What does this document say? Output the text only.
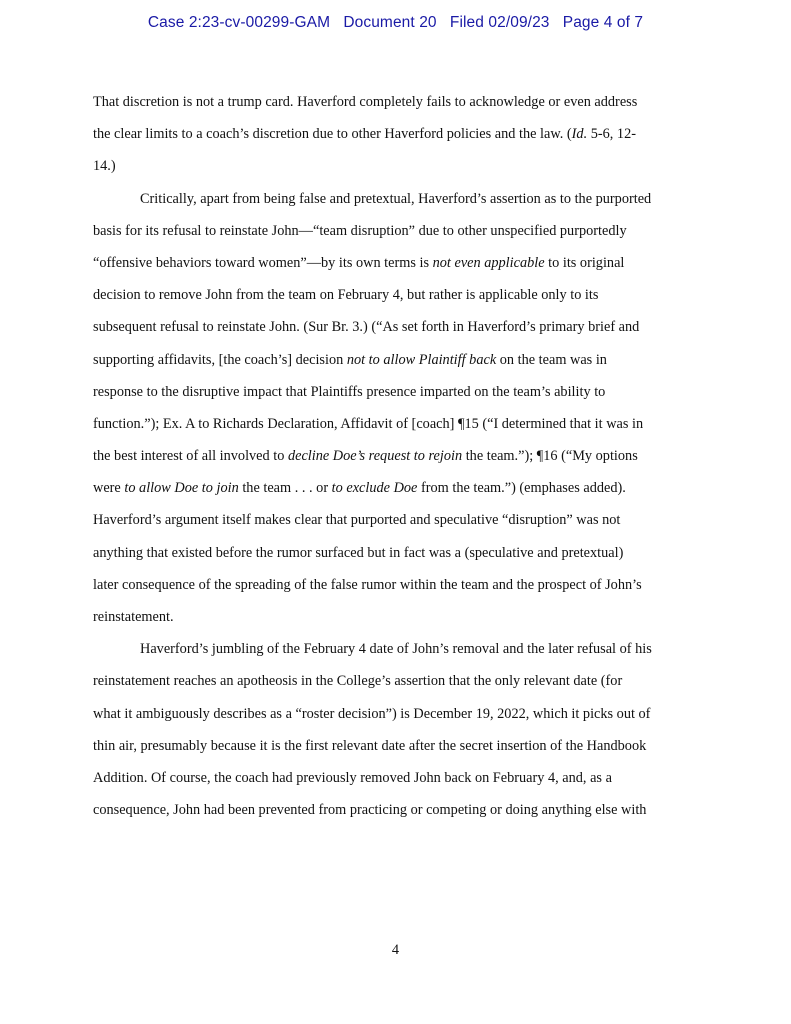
Case 2:23-cv-00299-GAM Document 20 Filed 02/09/23 Page 4 of 7
That discretion is not a trump card. Haverford completely fails to acknowledge or even address
the clear limits to a coach’s discretion due to other Haverford policies and the law. (Id. 5-6, 12-
14.)
Critically, apart from being false and pretextual, Haverford’s assertion as to the purported
basis for its refusal to reinstate John—“team disruption” due to other unspecified purportedly
“offensive behaviors toward women”—by its own terms is not even applicable to its original
decision to remove John from the team on February 4, but rather is applicable only to its
subsequent refusal to reinstate John. (Sur Br. 3.) (“As set forth in Haverford’s primary brief and
supporting affidavits, [the coach’s] decision not to allow Plaintiff back on the team was in
response to the disruptive impact that Plaintiffs presence imparted on the team’s ability to
function.”); Ex. A to Richards Declaration, Affidavit of [coach] ¶15 (“I determined that it was in
the best interest of all involved to decline Doe’s request to rejoin the team.”); ¶16 (“My options
were to allow Doe to join the team . . . or to exclude Doe from the team.”) (emphases added).
Haverford’s argument itself makes clear that purported and speculative “disruption” was not
anything that existed before the rumor surfaced but in fact was a (speculative and pretextual)
later consequence of the spreading of the false rumor within the team and the prospect of John’s
reinstatement.
Haverford’s jumbling of the February 4 date of John’s removal and the later refusal of his
reinstatement reaches an apotheosis in the College’s assertion that the only relevant date (for
what it ambiguously describes as a “roster decision”) is December 19, 2022, which it picks out of
thin air, presumably because it is the first relevant date after the secret insertion of the Handbook
Addition. Of course, the coach had previously removed John back on February 4, and, as a
consequence, John had been prevented from practicing or competing or doing anything else with
4
